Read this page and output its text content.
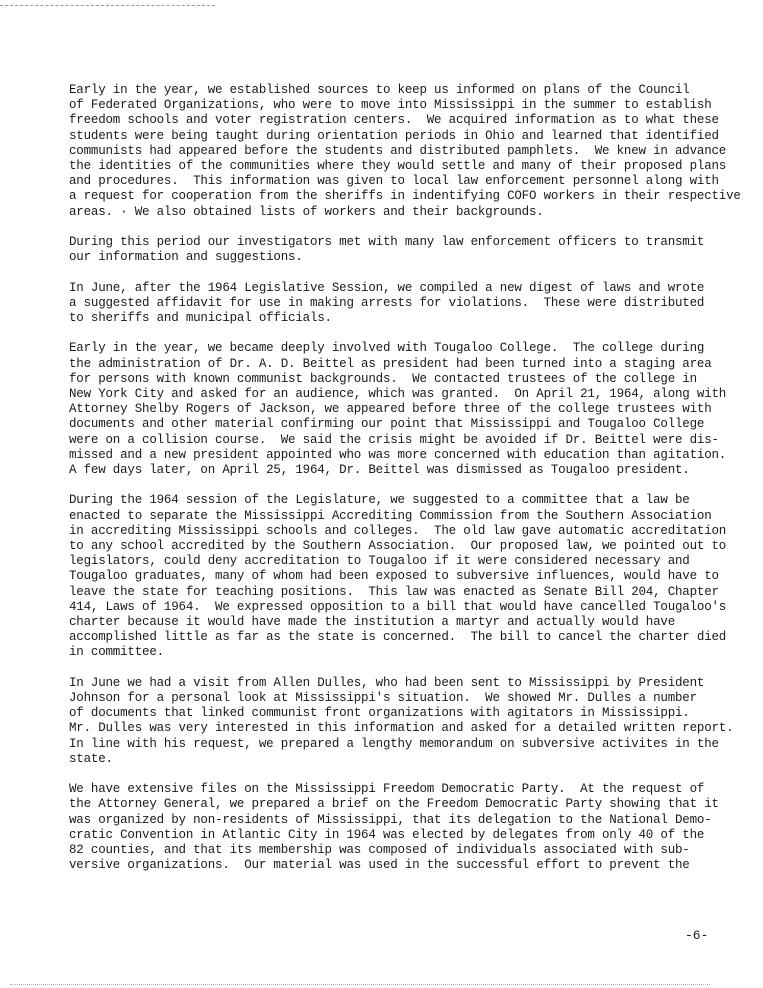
Early in the year, we established sources to keep us informed on plans of the Council
of Federated Organizations, who were to move into Mississippi in the summer to establish
freedom schools and voter registration centers.  We acquired information as to what these
students were being taught during orientation periods in Ohio and learned that identified
communists had appeared before the students and distributed pamphlets.  We knew in advance
the identities of the communities where they would settle and many of their proposed plans
and procedures.  This information was given to local law enforcement personnel along with
a request for cooperation from the sheriffs in indentifying COFO workers in their respective
areas. · We also obtained lists of workers and their backgrounds.
During this period our investigators met with many law enforcement officers to transmit
our information and suggestions.
In June, after the 1964 Legislative Session, we compiled a new digest of laws and wrote
a suggested affidavit for use in making arrests for violations.  These were distributed
to sheriffs and municipal officials.
Early in the year, we became deeply involved with Tougaloo College.  The college during
the administration of Dr. A. D. Beittel as president had been turned into a staging area
for persons with known communist backgrounds.  We contacted trustees of the college in
New York City and asked for an audience, which was granted.  On April 21, 1964, along with
Attorney Shelby Rogers of Jackson, we appeared before three of the college trustees with
documents and other material confirming our point that Mississippi and Tougaloo College
were on a collision course.  We said the crisis might be avoided if Dr. Beittel were dis-
missed and a new president appointed who was more concerned with education than agitation.
A few days later, on April 25, 1964, Dr. Beittel was dismissed as Tougaloo president.
During the 1964 session of the Legislature, we suggested to a committee that a law be
enacted to separate the Mississippi Accrediting Commission from the Southern Association
in accrediting Mississippi schools and colleges.  The old law gave automatic accreditation
to any school accredited by the Southern Association.  Our proposed law, we pointed out to
legislators, could deny accreditation to Tougaloo if it were considered necessary and
Tougaloo graduates, many of whom had been exposed to subversive influences, would have to
leave the state for teaching positions.  This law was enacted as Senate Bill 204, Chapter
414, Laws of 1964.  We expressed opposition to a bill that would have cancelled Tougaloo's
charter because it would have made the institution a martyr and actually would have
accomplished little as far as the state is concerned.  The bill to cancel the charter died
in committee.
In June we had a visit from Allen Dulles, who had been sent to Mississippi by President
Johnson for a personal look at Mississippi's situation.  We showed Mr. Dulles a number
of documents that linked communist front organizations with agitators in Mississippi.
Mr. Dulles was very interested in this information and asked for a detailed written report.
In line with his request, we prepared a lengthy memorandum on subversive activites in the
state.
We have extensive files on the Mississippi Freedom Democratic Party.  At the request of
the Attorney General, we prepared a brief on the Freedom Democratic Party showing that it
was organized by non-residents of Mississippi, that its delegation to the National Demo-
cratic Convention in Atlantic City in 1964 was elected by delegates from only 40 of the
82 counties, and that its membership was composed of individuals associated with sub-
versive organizations.  Our material was used in the successful effort to prevent the
-6-
